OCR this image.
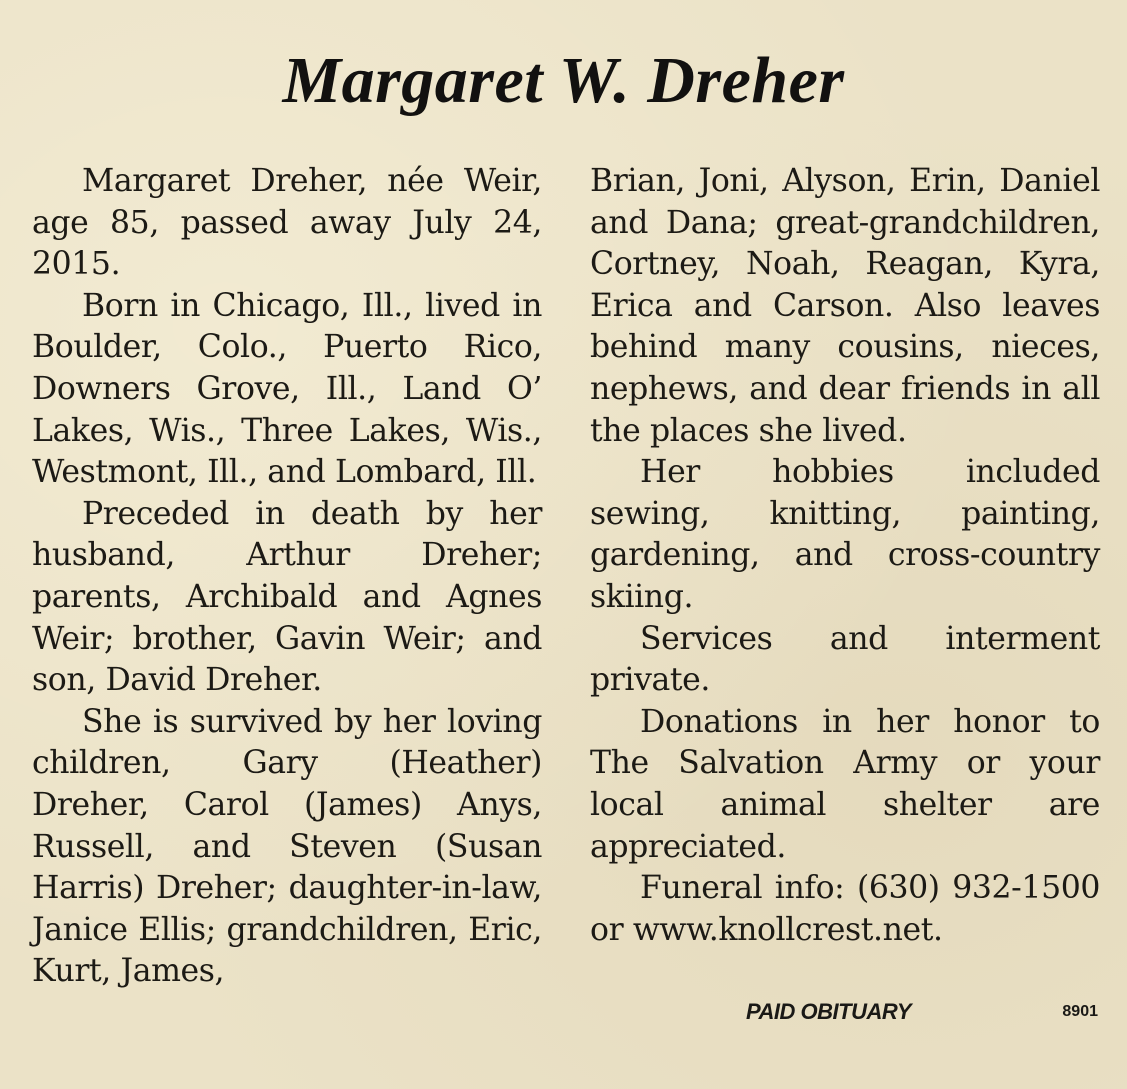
Margaret W. Dreher

Margaret Dreher, née Weir, age 85, passed away July 24, 2015.

Born in Chicago, Ill., lived in Boulder, Colo., Puerto Rico, Downers Grove, Ill., Land O’ Lakes, Wis., Three Lakes, Wis., Westmont, Ill., and Lombard, Ill.

Preceded in death by her husband, Arthur Dreher; parents, Archibald and Agnes Weir; brother, Gavin Weir; and son, David Dreher.

She is survived by her loving children, Gary (Heather) Dreher, Carol (James) Anys, Russell, and Steven (Susan Harris) Dreher; daughter-in-law, Janice Ellis; grandchildren, Eric, Kurt, James,

Brian, Joni, Alyson, Erin, Daniel and Dana; great-grandchildren, Cortney, Noah, Reagan, Kyra, Erica and Carson. Also leaves behind many cousins, nieces, nephews, and dear friends in all the places she lived.

Her hobbies included sewing, knitting, painting, gardening, and cross-country skiing.

Services and interment private.

Donations in her honor to The Salvation Army or your local animal shelter are appreciated.

Funeral info: (630) 932-1500 or www.knollcrest.net.

PAID OBITUARY	8901
